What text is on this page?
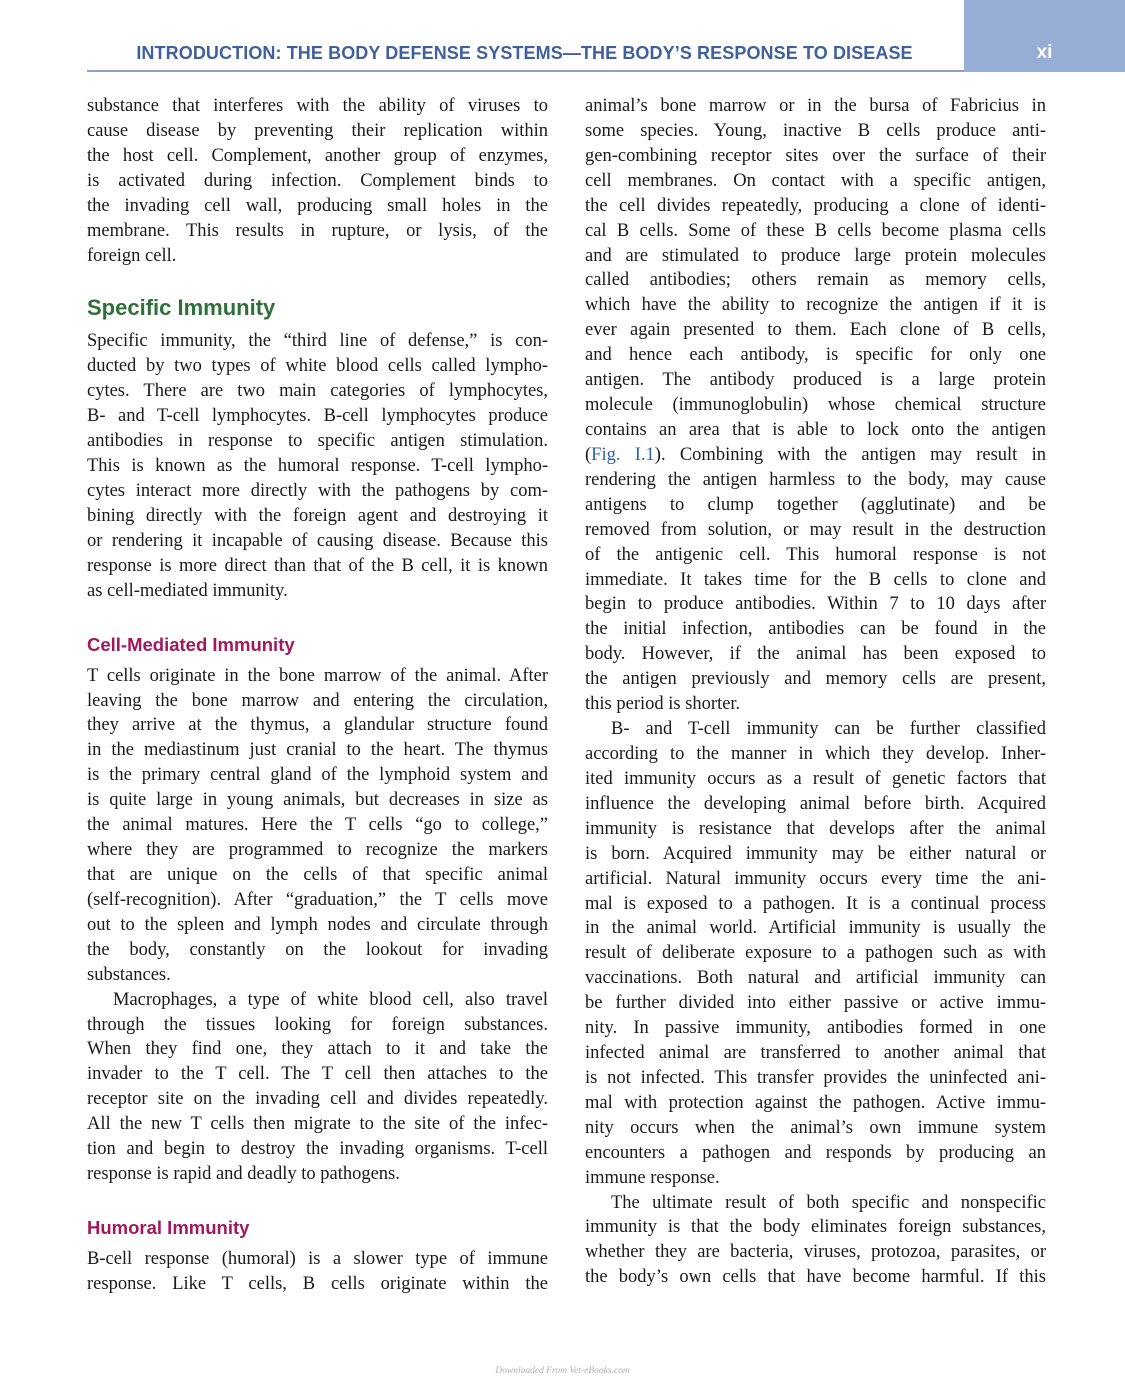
INTRODUCTION: THE BODY DEFENSE SYSTEMS—THE BODY’S RESPONSE TO DISEASE	xi
substance that interferes with the ability of viruses to
cause disease by preventing their replication within
the host cell. Complement, another group of enzymes,
is activated during infection. Complement binds to
the invading cell wall, producing small holes in the
membrane. This results in rupture, or lysis, of the
foreign cell.
Specific Immunity
Specific immunity, the “third line of defense,” is con-
ducted by two types of white blood cells called lympho-
cytes. There are two main categories of lymphocytes,
B- and T-cell lymphocytes. B-cell lymphocytes produce
antibodies in response to specific antigen stimulation.
This is known as the humoral response. T-cell lympho-
cytes interact more directly with the pathogens by com-
bining directly with the foreign agent and destroying it
or rendering it incapable of causing disease. Because this
response is more direct than that of the B cell, it is known
as cell-mediated immunity.
Cell-Mediated Immunity
T cells originate in the bone marrow of the animal. After
leaving the bone marrow and entering the circulation,
they arrive at the thymus, a glandular structure found
in the mediastinum just cranial to the heart. The thymus
is the primary central gland of the lymphoid system and
is quite large in young animals, but decreases in size as
the animal matures. Here the T cells “go to college,”
where they are programmed to recognize the markers
that are unique on the cells of that specific animal
(self-recognition). After “graduation,” the T cells move
out to the spleen and lymph nodes and circulate through
the body, constantly on the lookout for invading
substances.
Macrophages, a type of white blood cell, also travel
through the tissues looking for foreign substances.
When they find one, they attach to it and take the
invader to the T cell. The T cell then attaches to the
receptor site on the invading cell and divides repeatedly.
All the new T cells then migrate to the site of the infec-
tion and begin to destroy the invading organisms. T-cell
response is rapid and deadly to pathogens.
Humoral Immunity
B-cell response (humoral) is a slower type of immune
response. Like T cells, B cells originate within the
animal’s bone marrow or in the bursa of Fabricius in
some species. Young, inactive B cells produce anti-
gen-combining receptor sites over the surface of their
cell membranes. On contact with a specific antigen,
the cell divides repeatedly, producing a clone of identi-
cal B cells. Some of these B cells become plasma cells
and are stimulated to produce large protein molecules
called antibodies; others remain as memory cells,
which have the ability to recognize the antigen if it is
ever again presented to them. Each clone of B cells,
and hence each antibody, is specific for only one
antigen. The antibody produced is a large protein
molecule (immunoglobulin) whose chemical structure
contains an area that is able to lock onto the antigen
(Fig. I.1). Combining with the antigen may result in
rendering the antigen harmless to the body, may cause
antigens to clump together (agglutinate) and be
removed from solution, or may result in the destruction
of the antigenic cell. This humoral response is not
immediate. It takes time for the B cells to clone and
begin to produce antibodies. Within 7 to 10 days after
the initial infection, antibodies can be found in the
body. However, if the animal has been exposed to
the antigen previously and memory cells are present,
this period is shorter.
B- and T-cell immunity can be further classified
according to the manner in which they develop. Inher-
ited immunity occurs as a result of genetic factors that
influence the developing animal before birth. Acquired
immunity is resistance that develops after the animal
is born. Acquired immunity may be either natural or
artificial. Natural immunity occurs every time the ani-
mal is exposed to a pathogen. It is a continual process
in the animal world. Artificial immunity is usually the
result of deliberate exposure to a pathogen such as with
vaccinations. Both natural and artificial immunity can
be further divided into either passive or active immu-
nity. In passive immunity, antibodies formed in one
infected animal are transferred to another animal that
is not infected. This transfer provides the uninfected ani-
mal with protection against the pathogen. Active immu-
nity occurs when the animal’s own immune system
encounters a pathogen and responds by producing an
immune response.
The ultimate result of both specific and nonspecific
immunity is that the body eliminates foreign substances,
whether they are bacteria, viruses, protozoa, parasites, or
the body’s own cells that have become harmful. If this
Downloaded From Vet-eBooks.com
